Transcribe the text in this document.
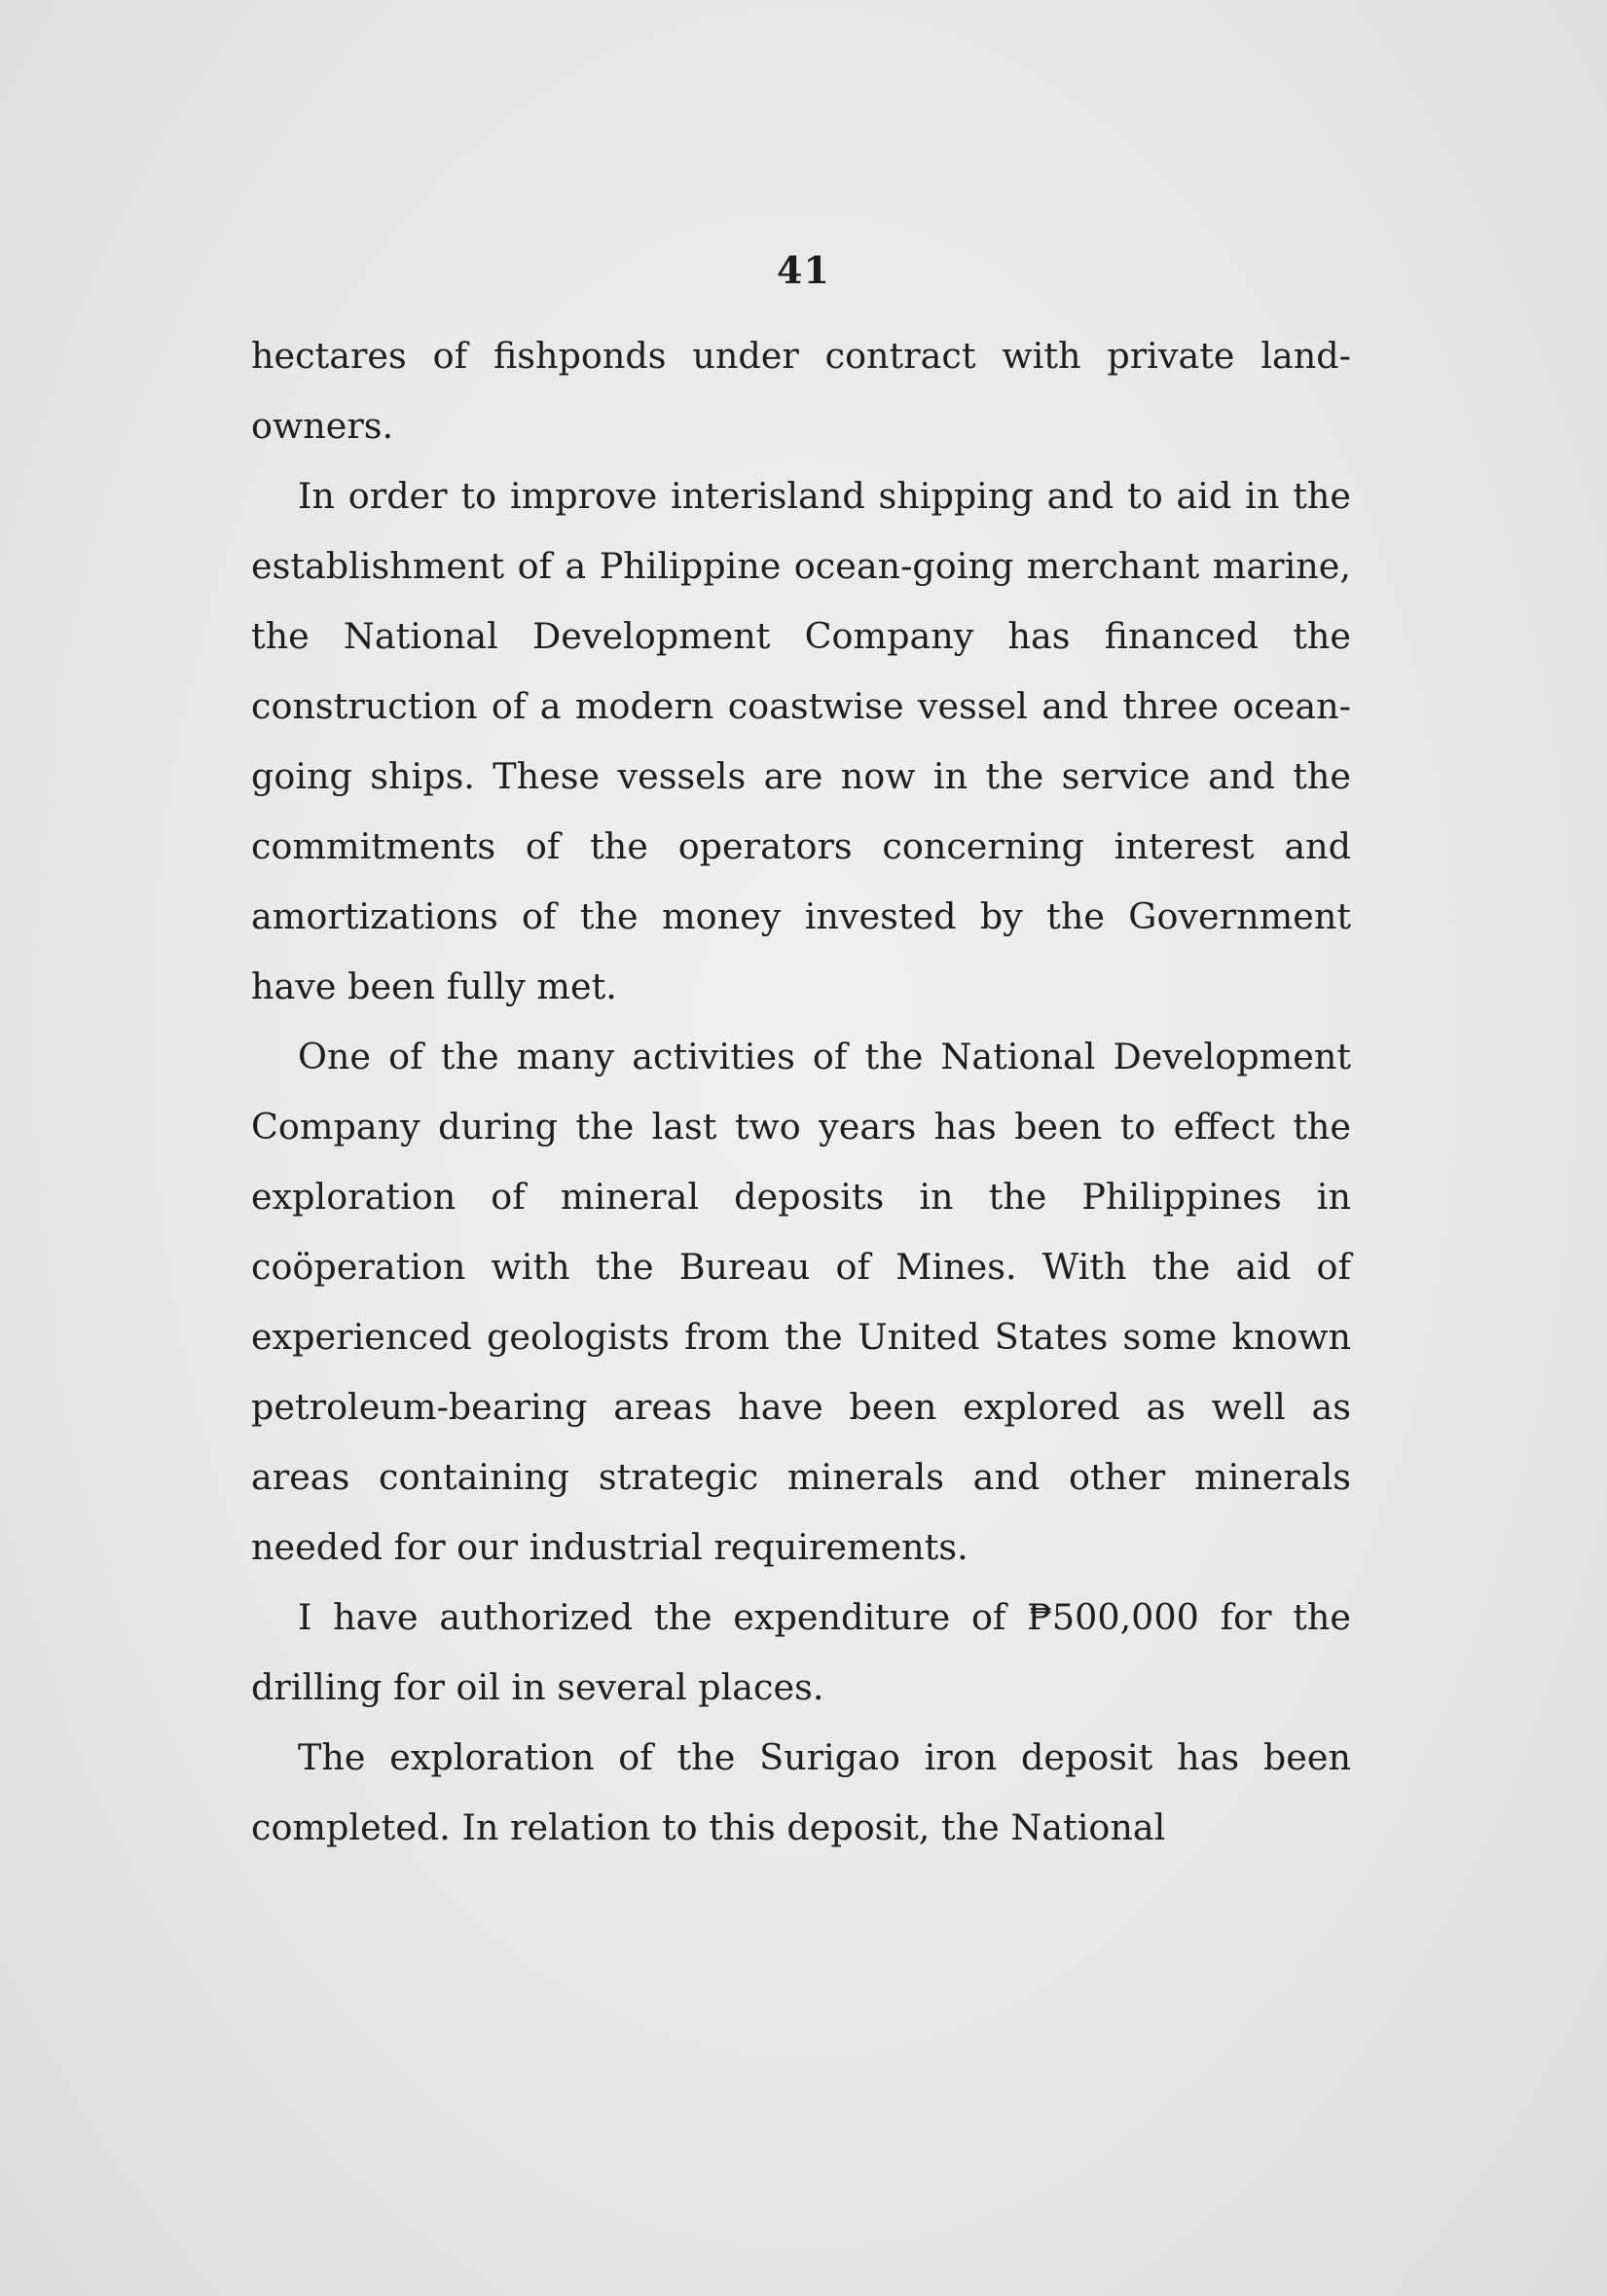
41

hectares of fishponds under contract with private land-owners.

In order to improve interisland shipping and to aid in the establishment of a Philippine ocean-going merchant marine, the National Development Company has financed the construction of a modern coastwise vessel and three ocean-going ships. These vessels are now in the service and the commitments of the operators concerning interest and amortizations of the money invested by the Government have been fully met.

One of the many activities of the National Development Company during the last two years has been to effect the exploration of mineral deposits in the Philippines in coöperation with the Bureau of Mines. With the aid of experienced geologists from the United States some known petroleum-bearing areas have been explored as well as areas containing strategic minerals and other minerals needed for our industrial requirements.

I have authorized the expenditure of ₱500,000 for the drilling for oil in several places.

The exploration of the Surigao iron deposit has been completed. In relation to this deposit, the National
